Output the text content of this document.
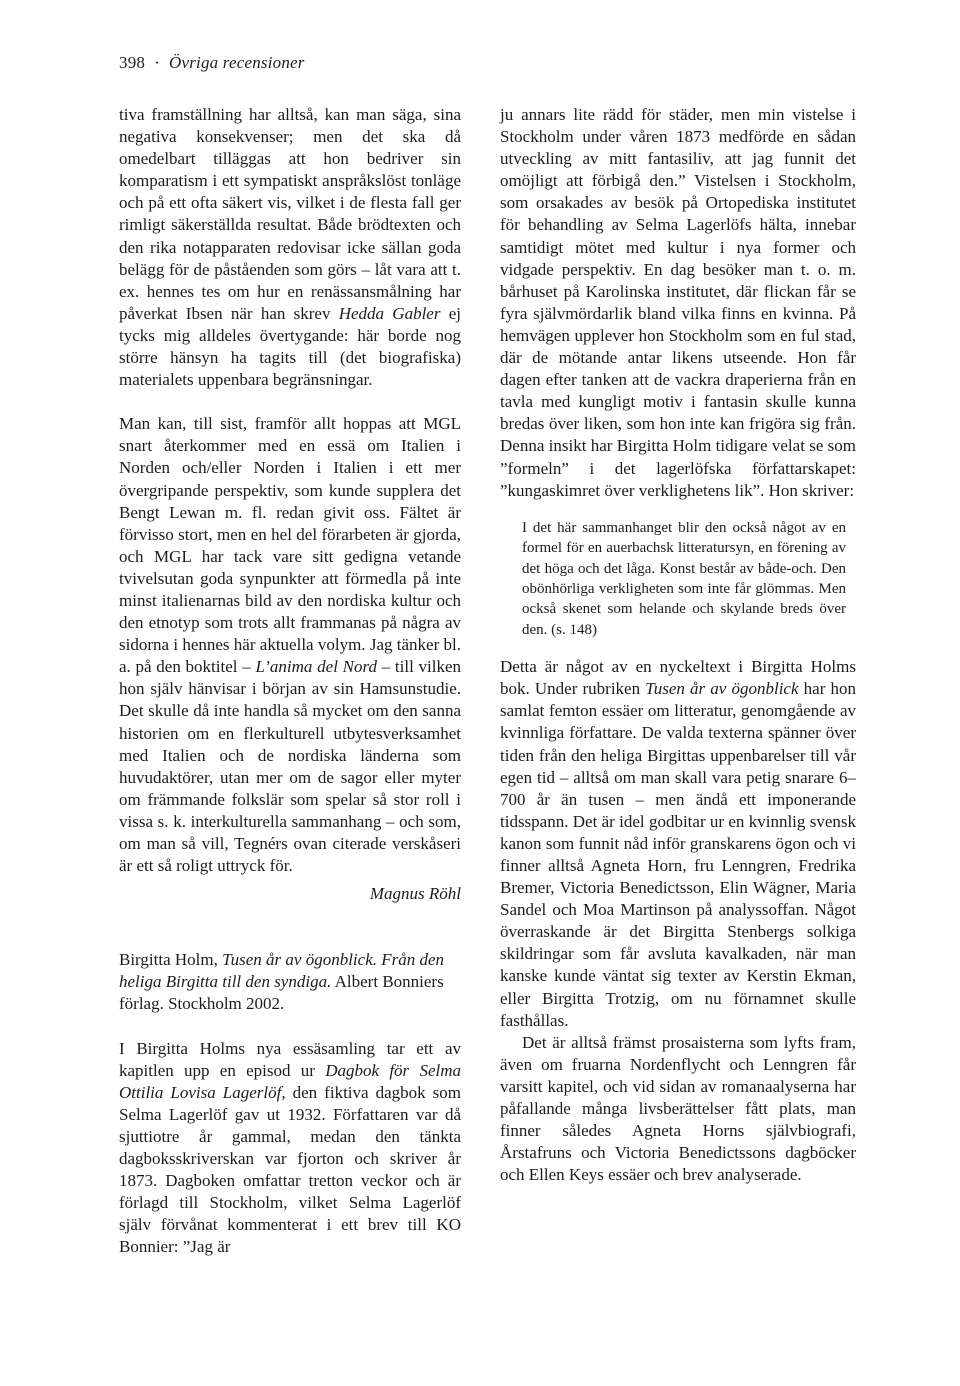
398 · Övriga recensioner

tiva framställning har alltså, kan man säga, sina negativa konsekvenser; men det ska då omedelbart tilläggas att hon bedriver sin komparatism i ett sympatiskt anspråkslöst tonläge och på ett ofta säkert vis, vilket i de flesta fall ger rimligt säkerställda resultat. Både brödtexten och den rika notapparaten redovisar icke sällan goda belägg för de påståenden som görs – låt vara att t. ex. hennes tes om hur en renässansmålning har påverkat Ibsen när han skrev Hedda Gabler ej tycks mig alldeles övertygande: här borde nog större hänsyn ha tagits till (det biografiska) materialets uppenbara begränsningar.

Man kan, till sist, framför allt hoppas att MGL snart återkommer med en essä om Italien i Norden och/eller Norden i Italien i ett mer övergripande perspektiv, som kunde supplera det Bengt Lewan m. fl. redan givit oss. Fältet är förvisso stort, men en hel del förarbeten är gjorda, och MGL har tack vare sitt gedigna vetande tvivelsutan goda synpunkter att förmedla på inte minst italienarnas bild av den nordiska kultur och den etnotyp som trots allt frammanas på några av sidorna i hennes här aktuella volym. Jag tänker bl. a. på den boktitel – L’anima del Nord – till vilken hon själv hänvisar i början av sin Hamsunstudie. Det skulle då inte handla så mycket om den sanna historien om en flerkulturell utbytesverksamhet med Italien och de nordiska länderna som huvudaktörer, utan mer om de sagor eller myter om främmande folkslär som spelar så stor roll i vissa s. k. interkulturella sammanhang – och som, om man så vill, Tegnérs ovan citerade verskåseri är ett så roligt uttryck för.

Magnus Röhl

Birgitta Holm, Tusen år av ögonblick. Från den heliga Birgitta till den syndiga. Albert Bonniers förlag. Stockholm 2002.

I Birgitta Holms nya essäsamling tar ett av kapitlen upp en episod ur Dagbok för Selma Ottilia Lovisa Lagerlöf, den fiktiva dagbok som Selma Lagerlöf gav ut 1932. Författaren var då sjuttiotre år gammal, medan den tänkta dagboksskriverskan var fjorton och skriver år 1873. Dagboken omfattar tretton veckor och är förlagd till Stockholm, vilket Selma Lagerlöf själv förvånat kommenterat i ett brev till KO Bonnier: ”Jag är

ju annars lite rädd för städer, men min vistelse i Stockholm under våren 1873 medförde en sådan utveckling av mitt fantasiliv, att jag funnit det omöjligt att förbigå den.” Vistelsen i Stockholm, som orsakades av besök på Ortopediska institutet för behandling av Selma Lagerlöfs hälta, innebar samtidigt mötet med kultur i nya former och vidgade perspektiv. En dag besöker man t. o. m. bårhuset på Karolinska institutet, där flickan får se fyra självmördarlik bland vilka finns en kvinna. På hemvägen upplever hon Stockholm som en ful stad, där de mötande antar likens utseende. Hon får dagen efter tanken att de vackra draperierna från en tavla med kungligt motiv i fantasin skulle kunna bredas över liken, som hon inte kan frigöra sig från. Denna insikt har Birgitta Holm tidigare velat se som ”formeln” i det lagerlöfska författarskapet: ”kungaskimret över verklighetens lik”. Hon skriver:

I det här sammanhanget blir den också något av en formel för en auerbachsk litteratursyn, en förening av det höga och det låga. Konst består av både-och. Den obönhörliga verkligheten som inte får glömmas. Men också skenet som helande och skylande breds över den. (s. 148)

Detta är något av en nyckeltext i Birgitta Holms bok. Under rubriken Tusen år av ögonblick har hon samlat femton essäer om litteratur, genomgående av kvinnliga författare. De valda texterna spänner över tiden från den heliga Birgittas uppenbarelser till vår egen tid – alltså om man skall vara petig snarare 6–700 år än tusen – men ändå ett imponerande tidsspann. Det är idel godbitar ur en kvinnlig svensk kanon som funnit nåd inför granskarens ögon och vi finner alltså Agneta Horn, fru Lenngren, Fredrika Bremer, Victoria Benedictsson, Elin Wägner, Maria Sandel och Moa Martinson på analyssoffan. Något överraskande är det Birgitta Stenbergs solkiga skildringar som får avsluta kavalkaden, när man kanske kunde väntat sig texter av Kerstin Ekman, eller Birgitta Trotzig, om nu förnamnet skulle fasthållas.

Det är alltså främst prosaisterna som lyfts fram, även om fruarna Nordenflycht och Lenngren får varsitt kapitel, och vid sidan av romanaalyserna har påfallande många livsberättelser fått plats, man finner således Agneta Horns självbiografi, Årstafruns och Victoria Benedictssons dagböcker och Ellen Keys essäer och brev analyserade.
